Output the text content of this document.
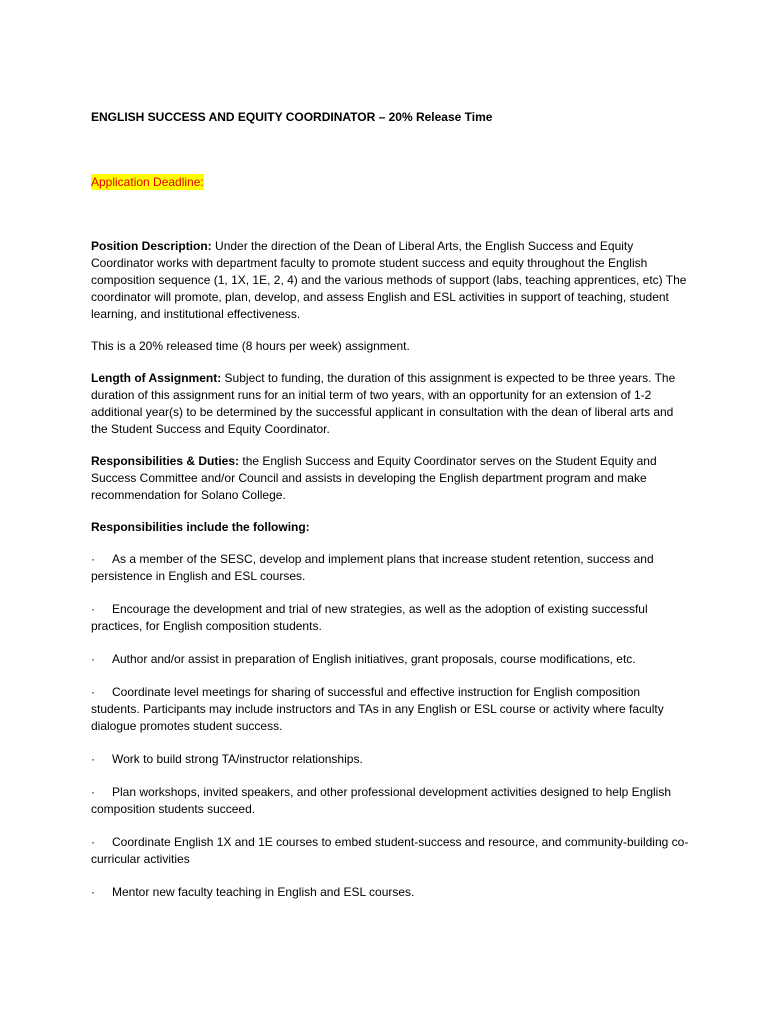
ENGLISH SUCCESS AND EQUITY COORDINATOR – 20% Release Time
Application Deadline:

Position Description: Under the direction of the Dean of Liberal Arts, the English Success and Equity Coordinator works with department faculty to promote student success and equity throughout the English composition sequence (1, 1X, 1E, 2, 4) and the various methods of support (labs, teaching apprentices, etc) The coordinator will promote, plan, develop, and assess English and ESL activities in support of teaching, student learning, and institutional effectiveness.

This is a 20% released time (8 hours per week) assignment.

Length of Assignment: Subject to funding, the duration of this assignment is expected to be three years. The duration of this assignment runs for an initial term of two years, with an opportunity for an extension of 1-2 additional year(s) to be determined by the successful applicant in consultation with the dean of liberal arts and the Student Success and Equity Coordinator.

Responsibilities & Duties: the English Success and Equity Coordinator serves on the Student Equity and Success Committee and/or Council and assists in developing the English department program and make recommendation for Solano College.

Responsibilities include the following:

· As a member of the SESC, develop and implement plans that increase student retention, success and persistence in English and ESL courses.

· Encourage the development and trial of new strategies, as well as the adoption of existing successful practices, for English composition students.

· Author and/or assist in preparation of English initiatives, grant proposals, course modifications, etc.

· Coordinate level meetings for sharing of successful and effective instruction for English composition students. Participants may include instructors and TAs in any English or ESL course or activity where faculty dialogue promotes student success.

· Work to build strong TA/instructor relationships.

· Plan workshops, invited speakers, and other professional development activities designed to help English composition students succeed.

· Coordinate English 1X and 1E courses to embed student-success and resource, and community-building co-curricular activities

· Mentor new faculty teaching in English and ESL courses.
